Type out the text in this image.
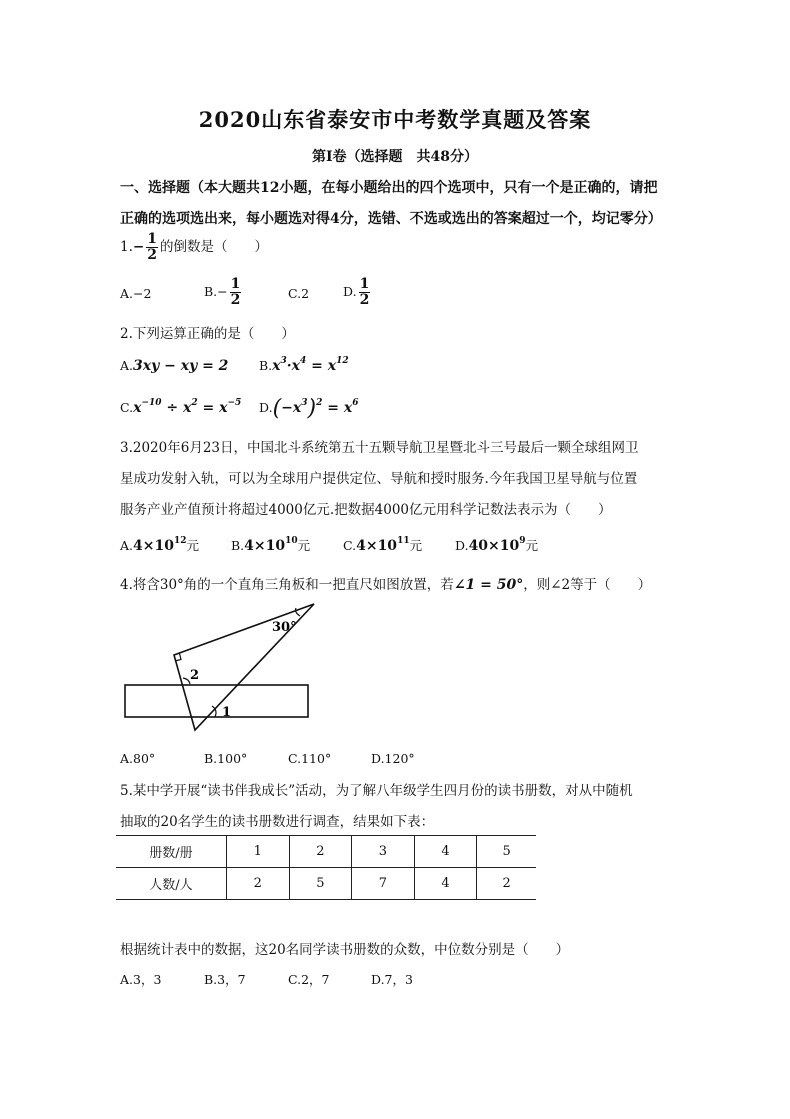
2020山东省泰安市中考数学真题及答案
第Ⅰ卷（选择题　共48分）
一、选择题（本大题共12小题，在每小题给出的四个选项中，只有一个是正确的，请把
正确的选项选出来，每小题选对得4分，选错、不选或选出的答案超过一个，均记零分）
$1.- \frac{1}{2}$ 的倒数是（　　）
A.−2	$B.- \frac{1}{2}$	C.2	D. $\frac{1}{2}$
2.下列运算正确的是（　　）
A.3xy − xy = 2 $B.x^3\cdot x^4 = x^{12}$
$C.x^{-10} \div x^2 = x^{-5}$ $D.(-x^3)^2 = x^6$
3.2020年6月23日，中国北斗系统第五十五颗导航卫星暨北斗三号最后一颗全球组网卫
星成功发射入轨，可以为全球用户提供定位、导航和授时服务.今年我国卫星导航与位置
服务产业产值预计将超过4000亿元.把数据4000亿元用科学记数法表示为（　　）
$A.4\times 10^{12}$元	$B.4\times 10^{10}$元	$C.4\times 10^{11}$元	$D.40\times 10^9$元
4.将含30°角的一个直角三角板和一把直尺如图放置，若∠1 = 50°，则∠2等于（　　）
30°
2
1
A.80°	B.100°	C.110°	D.120°
5.某中学开展“读书伴我成长”活动，为了解八年级学生四月份的读书册数，对从中随机
抽取的20名学生的读书册数进行调查，结果如下表：
册数/册	1	2	3	4	5
人数/人	2	5	7	4	2
根据统计表中的数据，这20名同学读书册数的众数，中位数分别是（　　）
A.3，3	B.3，7	C.2，7	D.7，3
